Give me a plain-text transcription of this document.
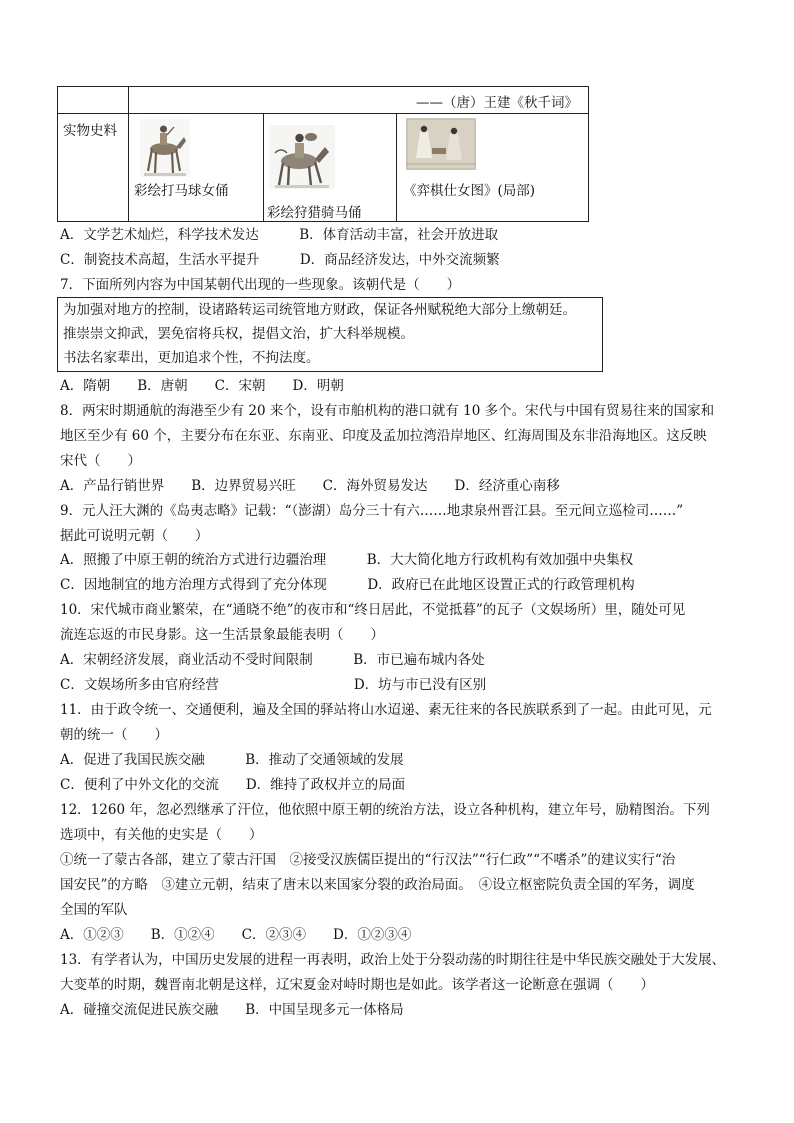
——（唐）王建《秋千词》
实物史料
彩绘打马球女俑
彩绘狩猎骑马俑
《弈棋仕女图》(局部)
A．文学艺术灿烂，科学技术发达　　　B．体育活动丰富，社会开放进取
C．制瓷技术高超，生活水平提升　　　D．商品经济发达，中外交流频繁
7．下面所列内容为中国某朝代出现的一些现象。该朝代是（　　）
为加强对地方的控制，设诸路转运司统管地方财政，保证各州赋税绝大部分上缴朝廷。
推崇崇文抑武，罢免宿将兵权，提倡文治，扩大科举规模。
书法名家辈出，更加追求个性，不拘法度。
A．隋朝　　B．唐朝　　C．宋朝　　D．明朝
8．两宋时期通航的海港至少有 20 来个，设有市舶机构的港口就有 10 多个。宋代与中国有贸易往来的国家和
地区至少有 60 个，主要分布在东亚、东南亚、印度及孟加拉湾沿岸地区、红海周围及东非沿海地区。这反映
宋代（　　）
A．产品行销世界　　B．边界贸易兴旺　　C．海外贸易发达　　D．经济重心南移
9．元人汪大渊的《岛夷志略》记载：“（澎湖）岛分三十有六……地隶泉州晋江县。至元间立巡检司……”
据此可说明元朝（　　）
A．照搬了中原王朝的统治方式进行边疆治理　　　B．大大简化地方行政机构有效加强中央集权
C．因地制宜的地方治理方式得到了充分体现　　　D．政府已在此地区设置正式的行政管理机构
10．宋代城市商业繁荣，在“通晓不绝”的夜市和“终日居此，不觉抵暮”的瓦子（文娱场所）里，随处可见
流连忘返的市民身影。这一生活景象最能表明（　　）
A．宋朝经济发展，商业活动不受时间限制　　　B．市已遍布城内各处
C．文娱场所多由官府经营　　　　　　　　　　D．坊与市已没有区别
11．由于政令统一、交通便利，遍及全国的驿站将山水迢递、素无往来的各民族联系到了一起。由此可见，元
朝的统一（　　）
A．促进了我国民族交融　　　B．推动了交通领域的发展
C．便利了中外文化的交流　　D．维持了政权并立的局面
12．1260 年，忽必烈继承了汗位，他依照中原王朝的统治方法，设立各种机构，建立年号，励精图治。下列
选项中，有关他的史实是（　　）
①统一了蒙古各部，建立了蒙古汗国　②接受汉族儒臣提出的“行汉法”“行仁政”“不嗜杀”的建议实行“治
国安民”的方略　③建立元朝，结束了唐末以来国家分裂的政治局面。　④设立枢密院负责全国的军务，调度
全国的军队
A．①②③　　B．①②④　　C．②③④　　D．①②③④
13．有学者认为，中国历史发展的进程一再表明，政治上处于分裂动荡的时期往往是中华民族交融处于大发展、
大变革的时期，魏晋南北朝是这样，辽宋夏金对峙时期也是如此。该学者这一论断意在强调（　　）
A．碰撞交流促进民族交融　　B．中国呈现多元一体格局
